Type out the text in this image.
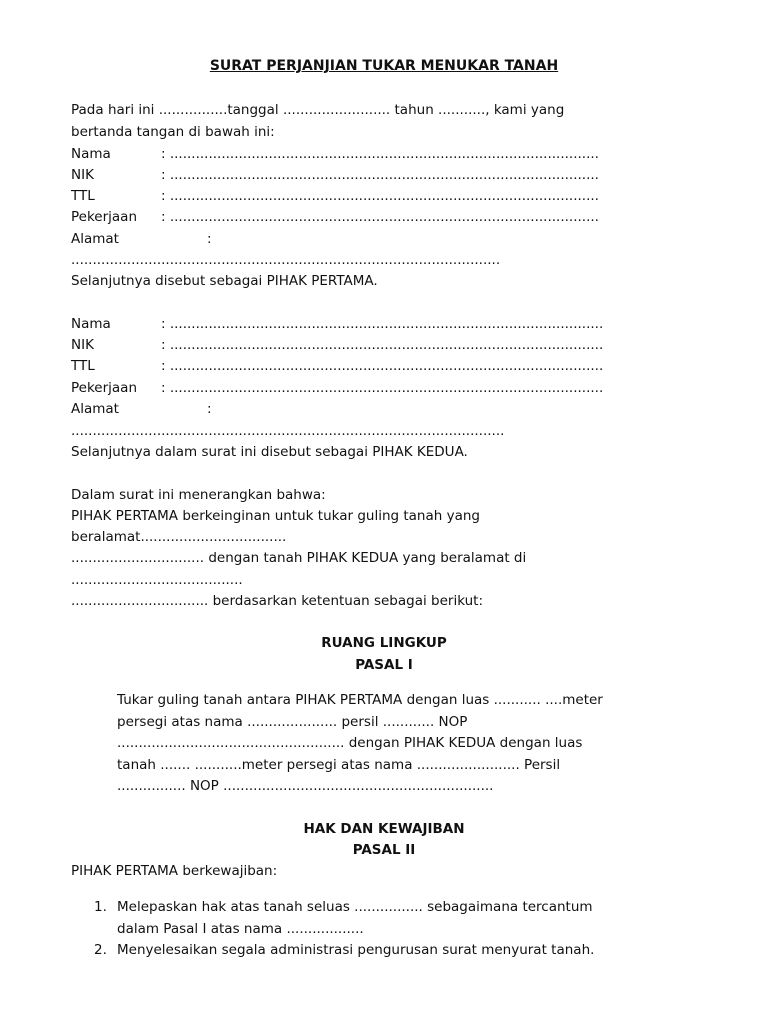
SURAT PERJANJIAN TUKAR MENUKAR TANAH
Pada hari ini ................tanggal ......................... tahun ..........., kami yang
bertanda tangan di bawah ini:
Nama	: ....................................................................................................
NIK	: ....................................................................................................
TTL	: ....................................................................................................
Pekerjaan : ....................................................................................................
Alamat	:
....................................................................................................
Selanjutnya disebut sebagai PIHAK PERTAMA.
Nama	: .....................................................................................................
NIK	: .....................................................................................................
TTL	: .....................................................................................................
Pekerjaan : .....................................................................................................
Alamat	:
.....................................................................................................
Selanjutnya dalam surat ini disebut sebagai PIHAK KEDUA.
Dalam surat ini menerangkan bahwa:
PIHAK PERTAMA berkeinginan untuk tukar guling tanah yang
beralamat..................................
............................... dengan tanah PIHAK KEDUA yang beralamat di
........................................
................................ berdasarkan ketentuan sebagai berikut:
RUANG LINGKUP
PASAL I
Tukar guling tanah antara PIHAK PERTAMA dengan luas ........... ....meter
persegi atas nama ..................... persil ............ NOP
..................................................... dengan PIHAK KEDUA dengan luas
tanah ....... ...........meter persegi atas nama ........................ Persil
................ NOP ...............................................................
HAK DAN KEWAJIBAN
PASAL II
PIHAK PERTAMA berkewajiban:
1. Melepaskan hak atas tanah seluas ................ sebagaimana tercantum
dalam Pasal I atas nama ..................
2. Menyelesaikan segala administrasi pengurusan surat menyurat tanah.
